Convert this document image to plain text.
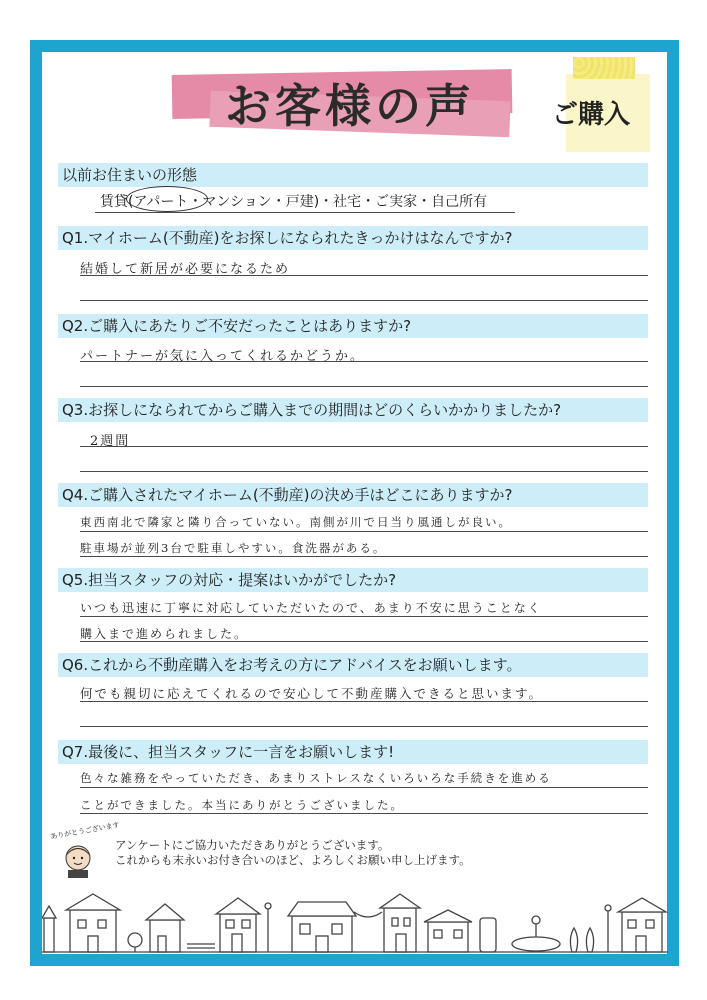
お客様の声	ご購入
以前お住まいの形態
賃貸(アパート・マンション・戸建)・社宅・ご実家・自己所有
Q1.マイホーム(不動産)をお探しになられたきっかけはなんですか?
結婚して新居が必要になるため
Q2.ご購入にあたりご不安だったことはありますか?
パートナーが気に入ってくれるかどうか。
Q3.お探しになられてからご購入までの期間はどのくらいかかりましたか?
2週間
Q4.ご購入されたマイホーム(不動産)の決め手はどこにありますか?
東西南北で隣家と隣り合っていない。南側が川で日当り風通しが良い。
駐車場が並列3台で駐車しやすい。食洗器がある。
Q5.担当スタッフの対応・提案はいかがでしたか?
いつも迅速に丁寧に対応していただいたので、あまり不安に思うことなく
購入まで進められました。
Q6.これから不動産購入をお考えの方にアドバイスをお願いします。
何でも親切に応えてくれるので安心して不動産購入できると思います。
Q7.最後に、担当スタッフに一言をお願いします!
色々な雑務をやっていただき、あまりストレスなくいろいろな手続きを進める
ことができました。本当にありがとうございました。
ありがとうございます
アンケートにご協力いただきありがとうございます。
これからも末永いお付き合いのほど、よろしくお願い申し上げます。
